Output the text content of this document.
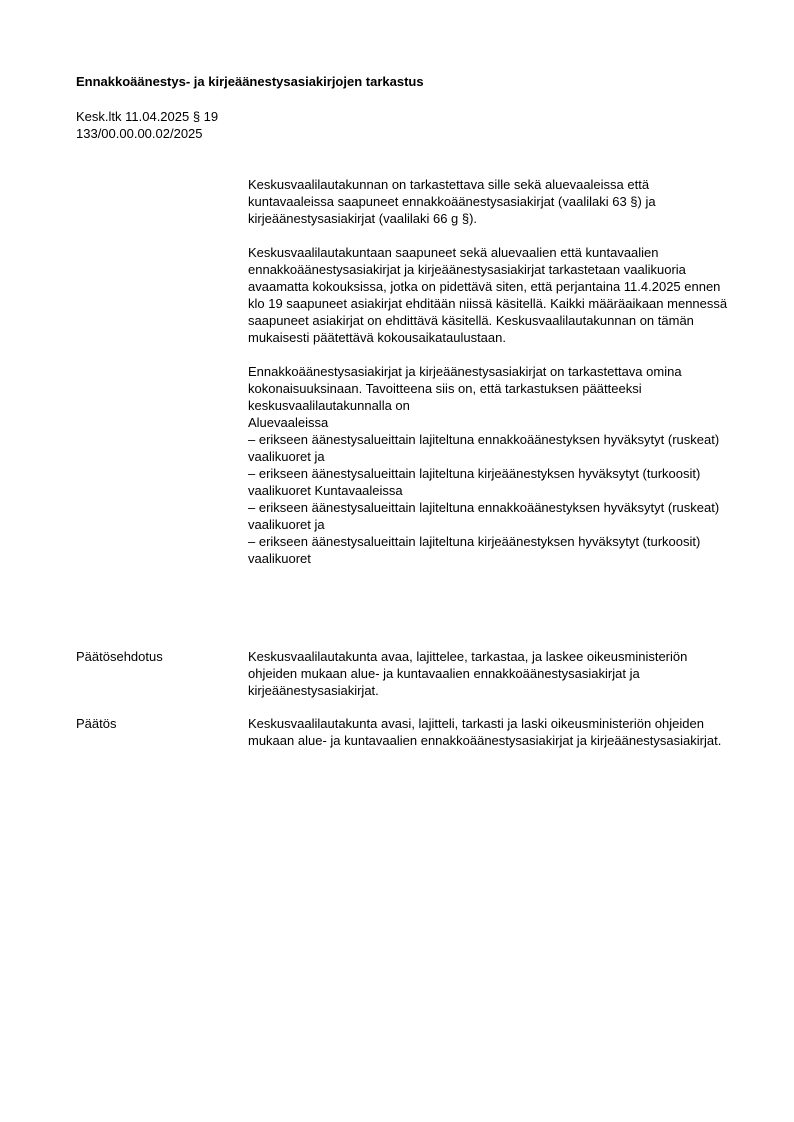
Ennakkoäänestys- ja kirjeäänestysasiakirjojen tarkastus
Kesk.ltk 11.04.2025 § 19
133/00.00.00.02/2025

Keskusvaalilautakunnan on tarkastettava sille sekä aluevaaleissa että kuntavaaleissa saapuneet ennakkoäänestysasiakirjat (vaalilaki 63 §) ja kirjeäänestysasiakirjat (vaalilaki 66 g §).

Keskusvaalilautakuntaan saapuneet sekä aluevaalien että kuntavaalien ennakkoäänestysasiakirjat ja kirjeäänestysasiakirjat tarkastetaan vaalikuoria avaamatta kokouksissa, jotka on pidettävä siten, että perjantaina 11.4.2025 ennen klo 19 saapuneet asiakirjat ehditään niissä käsitellä. Kaikki määräaikaan mennessä saapuneet asiakirjat on ehdittävä käsitellä. Keskusvaalilautakunnan on tämän mukaisesti päätettävä kokousaikataulustaan.

Ennakkoäänestysasiakirjat ja kirjeäänestysasiakirjat on tarkastettava omina kokonaisuuksinaan. Tavoitteena siis on, että tarkastuksen päätteeksi keskusvaalilautakunnalla on
Aluevaaleissa
– erikseen äänestysalueittain lajiteltuna ennakkoäänestyksen hyväksytyt (ruskeat) vaalikuoret ja
– erikseen äänestysalueittain lajiteltuna kirjeäänestyksen hyväksytyt (turkoosit) vaalikuoret Kuntavaaleissa
– erikseen äänestysalueittain lajiteltuna ennakkoäänestyksen hyväksytyt (ruskeat) vaalikuoret ja
– erikseen äänestysalueittain lajiteltuna kirjeäänestyksen hyväksytyt (turkoosit) vaalikuoret

Päätösehdotus	Keskusvaalilautakunta avaa, lajittelee, tarkastaa, ja laskee oikeusministeriön ohjeiden mukaan alue- ja kuntavaalien ennakkoäänestysasiakirjat ja kirjeäänestysasiakirjat.
Päätös	Keskusvaalilautakunta avasi, lajitteli, tarkasti ja laski oikeusministeriön ohjeiden mukaan alue- ja kuntavaalien ennakkoäänestysasiakirjat ja kirjeäänestysasiakirjat.
